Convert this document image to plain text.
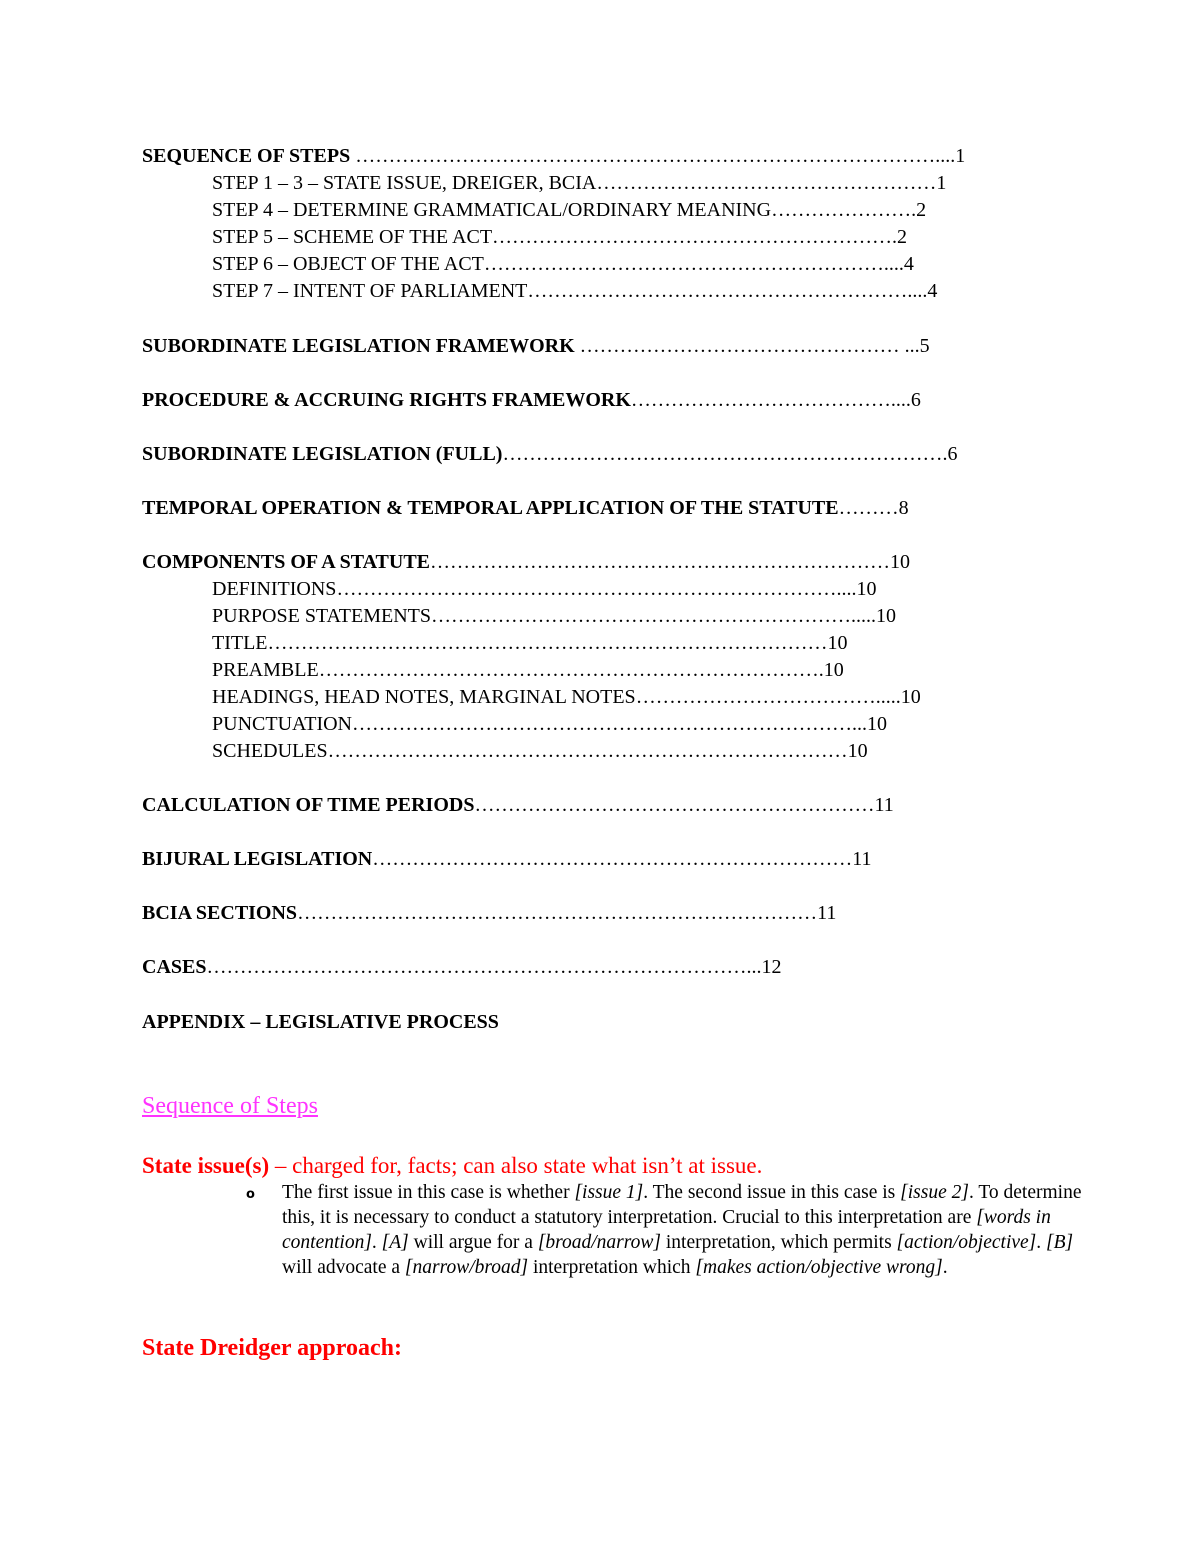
SEQUENCE OF STEPS ……………………………………………………………………………....1
STEP 1 – 3 – STATE ISSUE, DREIGER, BCIA……………………………………………1
STEP 4 – DETERMINE GRAMMATICAL/ORDINARY MEANING………………….2
STEP 5 – SCHEME OF THE ACT…………………………………………………….2
STEP 6 – OBJECT OF THE ACT……………………………………………………....4
STEP 7 – INTENT OF PARLIAMENT…………………………………………………....4
SUBORDINATE LEGISLATION FRAMEWORK ………………………………………… ...5
PROCEDURE & ACCRUING RIGHTS FRAMEWORK…………………………………....6
SUBORDINATE LEGISLATION (FULL)………………………………………………………….6
TEMPORAL OPERATION & TEMPORAL APPLICATION OF THE STATUTE………8
COMPONENTS OF A STATUTE……………………………………………………………10
DEFINITIONS…………………………………………………………………....10
PURPOSE STATEMENTS……………………………………………………….....10
TITLE…………………………………………………………………………10
PREAMBLE………………………………………………………………….10
HEADINGS, HEAD NOTES, MARGINAL NOTES……………………………….....10
PUNCTUATION…………………………………………………………………...10
SCHEDULES……………………………………………………………………10
CALCULATION OF TIME PERIODS……………………………………………………11
BIJURAL LEGISLATION………………………………………………………………11
BCIA SECTIONS……………………………………………………………………11
CASES………………………………………………………………………...12
APPENDIX – LEGISLATIVE PROCESS
Sequence of Steps
State issue(s) – charged for, facts; can also state what isn’t at issue.
o The first issue in this case is whether [issue 1]. The second issue in this case is [issue 2]. To determine this, it is necessary to conduct a statutory interpretation. Crucial to this interpretation are [words in contention]. [A] will argue for a [broad/narrow] interpretation, which permits [action/objective]. [B] will advocate a [narrow/broad] interpretation which [makes action/objective wrong].
State Dreidger approach:
